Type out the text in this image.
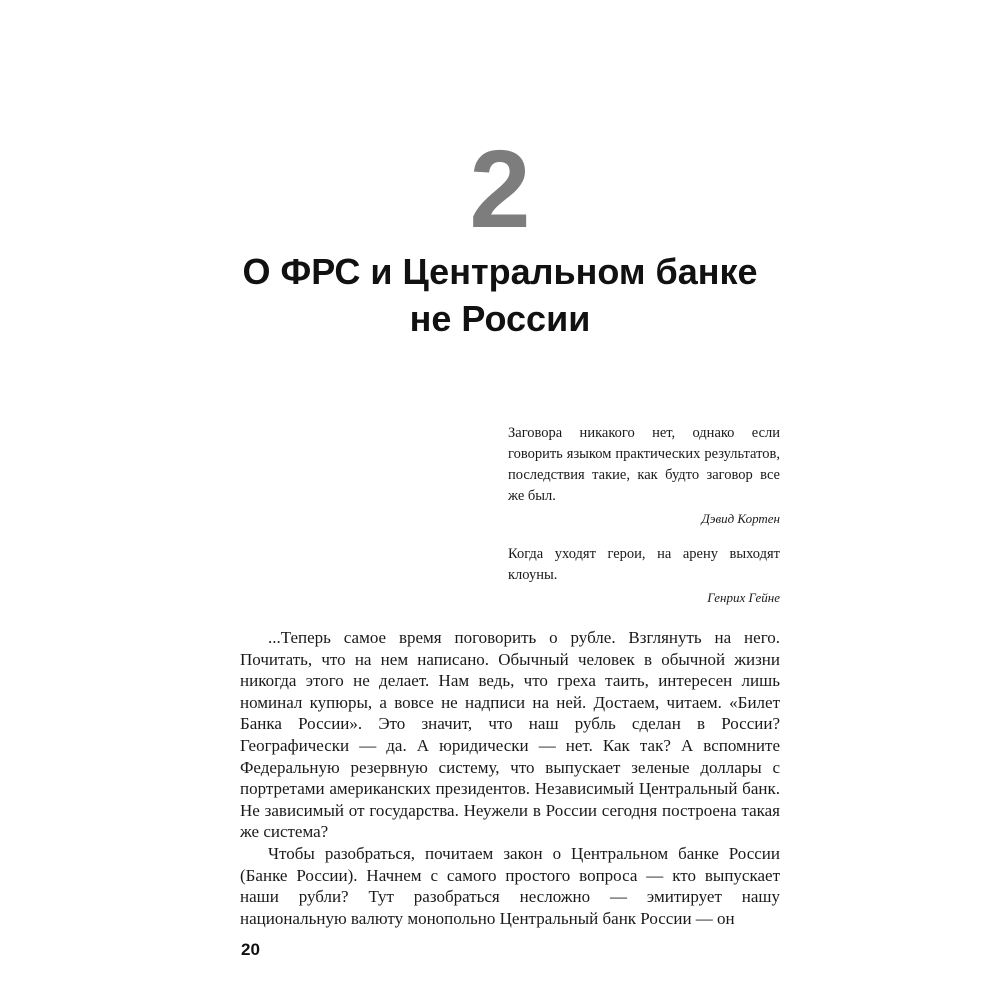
2
О ФРС и Центральном банке
не России
Заговора никакого нет, однако если говорить языком практических результатов, последствия такие, как будто заговор все же был.
Дэвид Кортен
Когда уходят герои, на арену выходят клоуны.
Генрих Гейне

...Теперь самое время поговорить о рубле. Взглянуть на него. Почитать, что на нем написано. Обычный человек в обычной жизни никогда этого не делает. Нам ведь, что греха таить, интересен лишь номинал купюры, а вовсе не надписи на ней. Достаем, читаем. «Билет Банка России». Это значит, что наш рубль сделан в России? Географически — да. А юридически — нет. Как так? А вспомните Федеральную резервную систему, что выпускает зеленые доллары с портретами американских президентов. Независимый Центральный банк. Не зависимый от государства. Неужели в России сегодня построена такая же система?

Чтобы разобраться, почитаем закон о Центральном банке России (Банке России). Начнем с самого простого вопроса — кто выпускает наши рубли? Тут разобраться несложно — эмитирует нашу национальную валюту монопольно Центральный банк России — он

20
